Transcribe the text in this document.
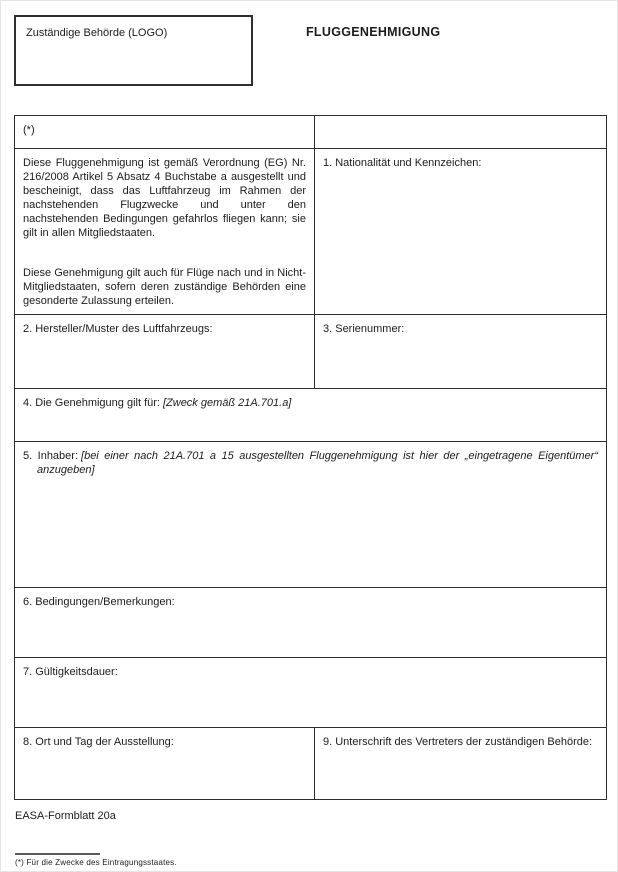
Zuständige Behörde (LOGO)	FLUGGENEHMIGUNG
(*)	

Diese Fluggenehmigung ist gemäß Verordnung (EG) Nr. 216/2008 Artikel 5 Absatz 4 Buchstabe a ausgestellt und bescheinigt, dass das Luftfahrzeug im Rahmen der nachstehenden Flugzwecke und unter den nachstehenden Bedingungen gefahrlos fliegen kann; sie gilt in allen Mitgliedstaaten.

Diese Genehmigung gilt auch für Flüge nach und in Nicht-Mitgliedstaaten, sofern deren zuständige Behörden eine gesonderte Zulassung erteilen.	1. Nationalität und Kennzeichen:

2. Hersteller/Muster des Luftfahrzeugs:	3. Serienummer:

4. Die Genehmigung gilt für: [Zweck gemäß 21A.701.a]	

5. Inhaber: [bei einer nach 21A.701 a 15 ausgestellten Fluggenehmigung ist hier der „eingetragene Eigentümer“ anzugeben]	

6. Bedingungen/Bemerkungen:	

7. Gültigkeitsdauer:	

8. Ort und Tag der Ausstellung:	9. Unterschrift des Vertreters der zuständigen Behörde:

EASA-Formblatt 20a
(*) Für die Zwecke des Eintragungsstaates.
